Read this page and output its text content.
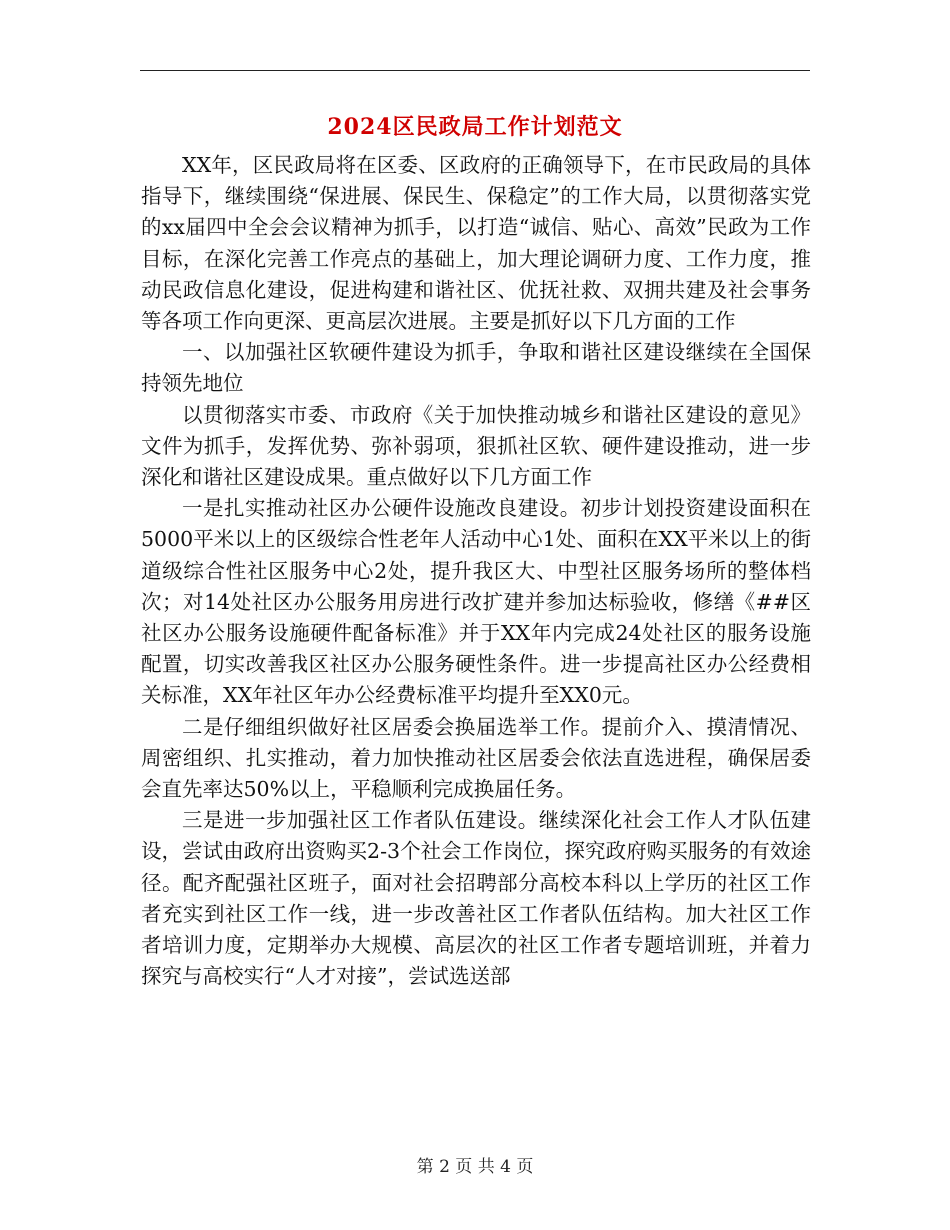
2024区民政局工作计划范文

XX年，区民政局将在区委、区政府的正确领导下，在市民政局的具体指导下，继续围绕“保进展、保民生、保稳定”的工作大局，以贯彻落实党的xx届四中全会会议精神为抓手，以打造“诚信、贴心、高效”民政为工作目标，在深化完善工作亮点的基础上，加大理论调研力度、工作力度，推动民政信息化建设，促进构建和谐社区、优抚社救、双拥共建及社会事务等各项工作向更深、更高层次进展。主要是抓好以下几方面的工作

一、以加强社区软硬件建设为抓手，争取和谐社区建设继续在全国保持领先地位

以贯彻落实市委、市政府《关于加快推动城乡和谐社区建设的意见》文件为抓手，发挥优势、弥补弱项，狠抓社区软、硬件建设推动，进一步深化和谐社区建设成果。重点做好以下几方面工作

一是扎实推动社区办公硬件设施改良建设。初步计划投资建设面积在5000平米以上的区级综合性老年人活动中心1处、面积在XX平米以上的街道级综合性社区服务中心2处，提升我区大、中型社区服务场所的整体档次；对14处社区办公服务用房进行改扩建并参加达标验收，修缮《##区社区办公服务设施硬件配备标准》并于XX年内完成24处社区的服务设施配置，切实改善我区社区办公服务硬性条件。进一步提高社区办公经费相关标准，XX年社区年办公经费标准平均提升至XX0元。

二是仔细组织做好社区居委会换届选举工作。提前介入、摸清情况、周密组织、扎实推动，着力加快推动社区居委会依法直选进程，确保居委会直先率达50%以上，平稳顺利完成换届任务。

三是进一步加强社区工作者队伍建设。继续深化社会工作人才队伍建设，尝试由政府出资购买2-3个社会工作岗位，探究政府购买服务的有效途径。配齐配强社区班子，面对社会招聘部分高校本科以上学历的社区工作者充实到社区工作一线，进一步改善社区工作者队伍结构。加大社区工作者培训力度，定期举办大规模、高层次的社区工作者专题培训班，并着力探究与高校实行“人才对接”，尝试选送部

第 2 页 共 4 页
